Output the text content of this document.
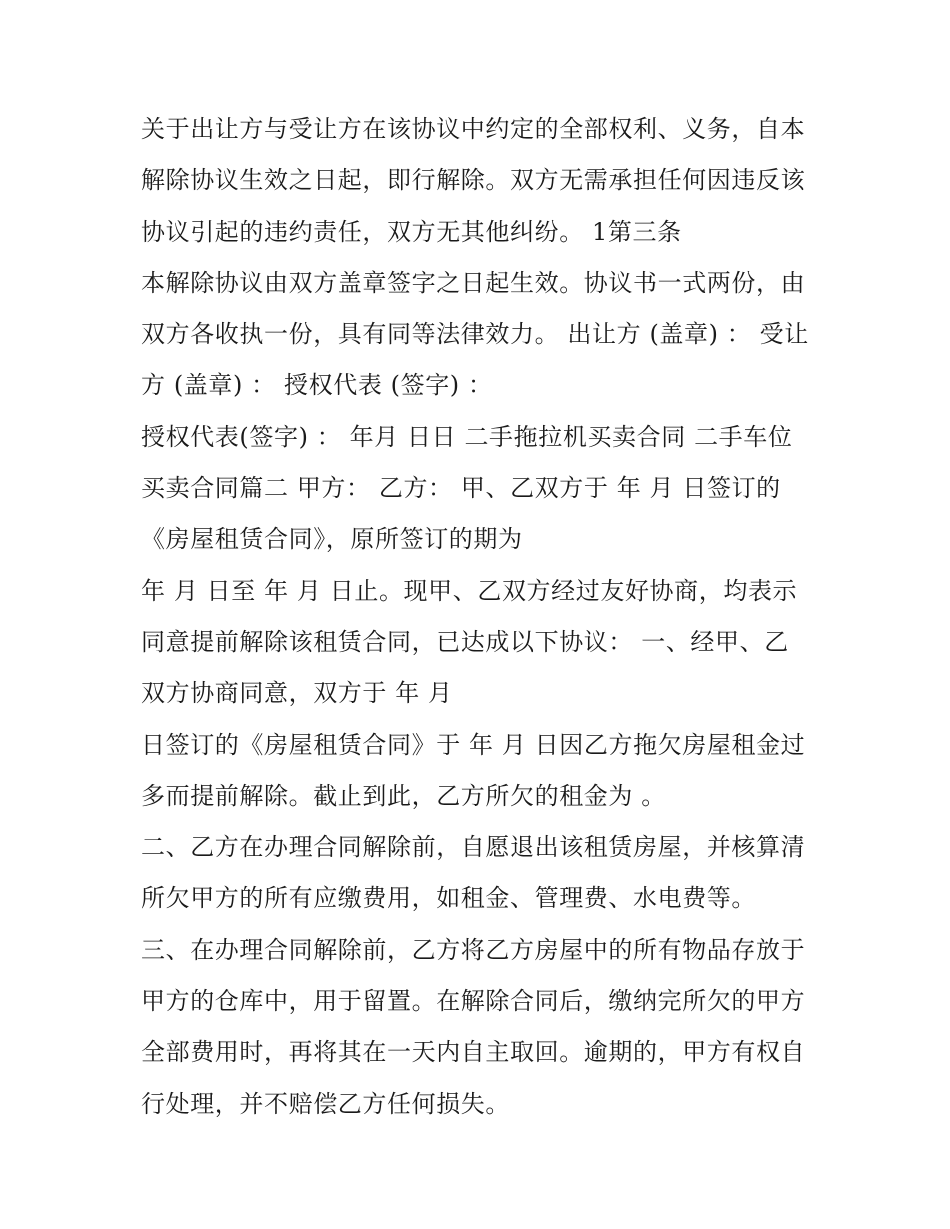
关于出让方与受让方在该协议中约定的全部权利、义务，自本
解除协议生效之日起，即行解除。双方无需承担任何因违反该
协议引起的违约责任，双方无其他纠纷。 1第三条
本解除协议由双方盖章签字之日起生效。协议书一式两份，由
双方各收执一份，具有同等法律效力。 出让方 (盖章) ： 受让
方 (盖章) ： 授权代表 (签字) ：
授权代表(签字) ： 年月 日日 二手拖拉机买卖合同 二手车位
买卖合同篇二 甲方： 乙方： 甲、乙双方于 年 月 日签订的
《房屋租赁合同》，原所签订的期为
年 月 日至 年 月 日止。现甲、乙双方经过友好协商，均表示
同意提前解除该租赁合同，已达成以下协议： 一、经甲、乙
双方协商同意，双方于 年 月
日签订的《房屋租赁合同》于 年 月 日因乙方拖欠房屋租金过
多而提前解除。截止到此，乙方所欠的租金为 。
二、乙方在办理合同解除前，自愿退出该租赁房屋，并核算清
所欠甲方的所有应缴费用，如租金、管理费、水电费等。
三、在办理合同解除前，乙方将乙方房屋中的所有物品存放于
甲方的仓库中，用于留置。在解除合同后，缴纳完所欠的甲方
全部费用时，再将其在一天内自主取回。逾期的，甲方有权自
行处理，并不赔偿乙方任何损失。
